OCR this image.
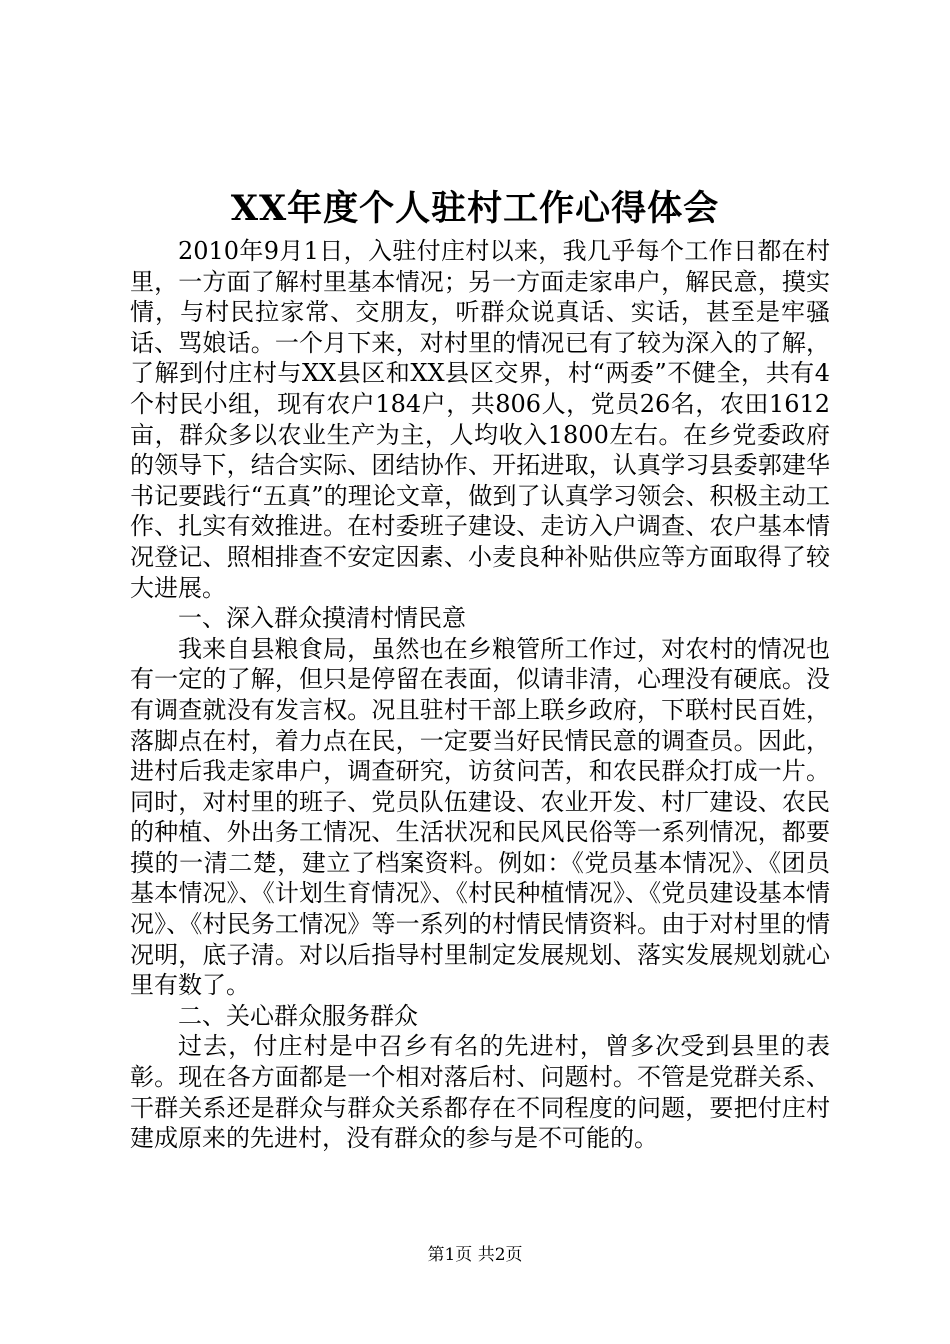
XX年度个人驻村工作心得体会

2010年9月1日，入驻付庄村以来，我几乎每个工作日都在村里，一方面了解村里基本情况；另一方面走家串户，解民意，摸实情，与村民拉家常、交朋友，听群众说真话、实话，甚至是牢骚话、骂娘话。一个月下来，对村里的情况已有了较为深入的了解，了解到付庄村与XX县区和XX县区交界，村“两委”不健全，共有4个村民小组，现有农户184户，共806人，党员26名，农田1612亩，群众多以农业生产为主，人均收入1800左右。在乡党委政府的领导下，结合实际、团结协作、开拓进取，认真学习县委郭建华书记要践行“五真”的理论文章，做到了认真学习领会、积极主动工作、扎实有效推进。在村委班子建设、走访入户调查、农户基本情况登记、照相排查不安定因素、小麦良种补贴供应等方面取得了较大进展。

一、深入群众摸清村情民意

我来自县粮食局，虽然也在乡粮管所工作过，对农村的情况也有一定的了解，但只是停留在表面，似请非清，心理没有硬底。没有调查就没有发言权。况且驻村干部上联乡政府，下联村民百姓，落脚点在村，着力点在民，一定要当好民情民意的调查员。因此，进村后我走家串户，调查研究，访贫问苦，和农民群众打成一片。同时，对村里的班子、党员队伍建设、农业开发、村厂建设、农民的种植、外出务工情况、生活状况和民风民俗等一系列情况，都要摸的一清二楚，建立了档案资料。例如：《党员基本情况》、《团员基本情况》、《计划生育情况》、《村民种植情况》、《党员建设基本情况》、《村民务工情况》等一系列的村情民情资料。由于对村里的情况明，底子清。对以后指导村里制定发展规划、落实发展规划就心里有数了。

二、关心群众服务群众

过去，付庄村是中召乡有名的先进村，曾多次受到县里的表彰。现在各方面都是一个相对落后村、问题村。不管是党群关系、干群关系还是群众与群众关系都存在不同程度的问题，要把付庄村建成原来的先进村，没有群众的参与是不可能的。

第1页 共2页
